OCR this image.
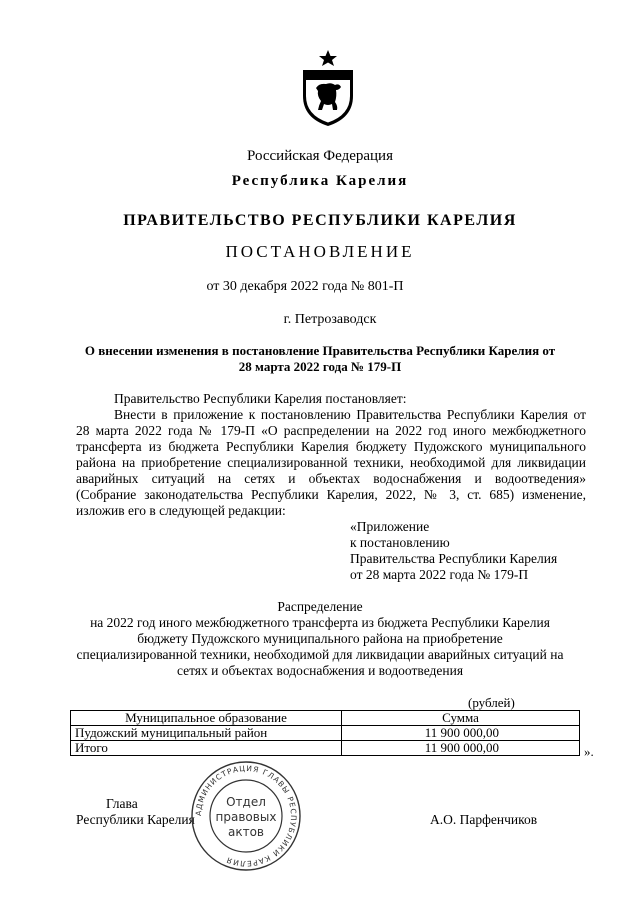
Российская Федерация
Республика Карелия
ПРАВИТЕЛЬСТВО РЕСПУБЛИКИ КАРЕЛИЯ
ПОСТАНОВЛЕНИЕ
от 30 декабря 2022 года № 801-П
г. Петрозаводск
О внесении изменения в постановление Правительства Республики Карелия от
28 марта 2022 года № 179-П
Правительство Республики Карелия постановляет:
Внести в приложение к постановлению Правительства Республики Карелия от
28 марта 2022 года № 179-П «О распределении на 2022 год иного межбюджетного
трансферта из бюджета Республики Карелия бюджету Пудожского муниципального
района на приобретение специализированной техники, необходимой для ликвидации
аварийных ситуаций на сетях и объектах водоснабжения и водоотведения»
(Собрание законодательства Республики Карелия, 2022, № 3, ст. 685) изменение,
изложив его в следующей редакции:
«Приложение
к постановлению
Правительства Республики Карелия
от 28 марта 2022 года № 179-П
Распределение
на 2022 год иного межбюджетного трансферта из бюджета Республики Карелия
бюджету Пудожского муниципального района на приобретение
специализированной техники, необходимой для ликвидации аварийных ситуаций на
сетях и объектах водоснабжения и водоотведения
(рублей)
Муниципальное образование	Сумма
Пудожский муниципальный район	11 900 000,00
Итого	11 900 000,00	».
Глава
Республики Карелия	А.О. Парфенчиков
АДМИНИСТРАЦИЯ ГЛАВЫ РЕСПУБЛИКИ КАРЕЛИЯ
Отдел
правовых
актов
